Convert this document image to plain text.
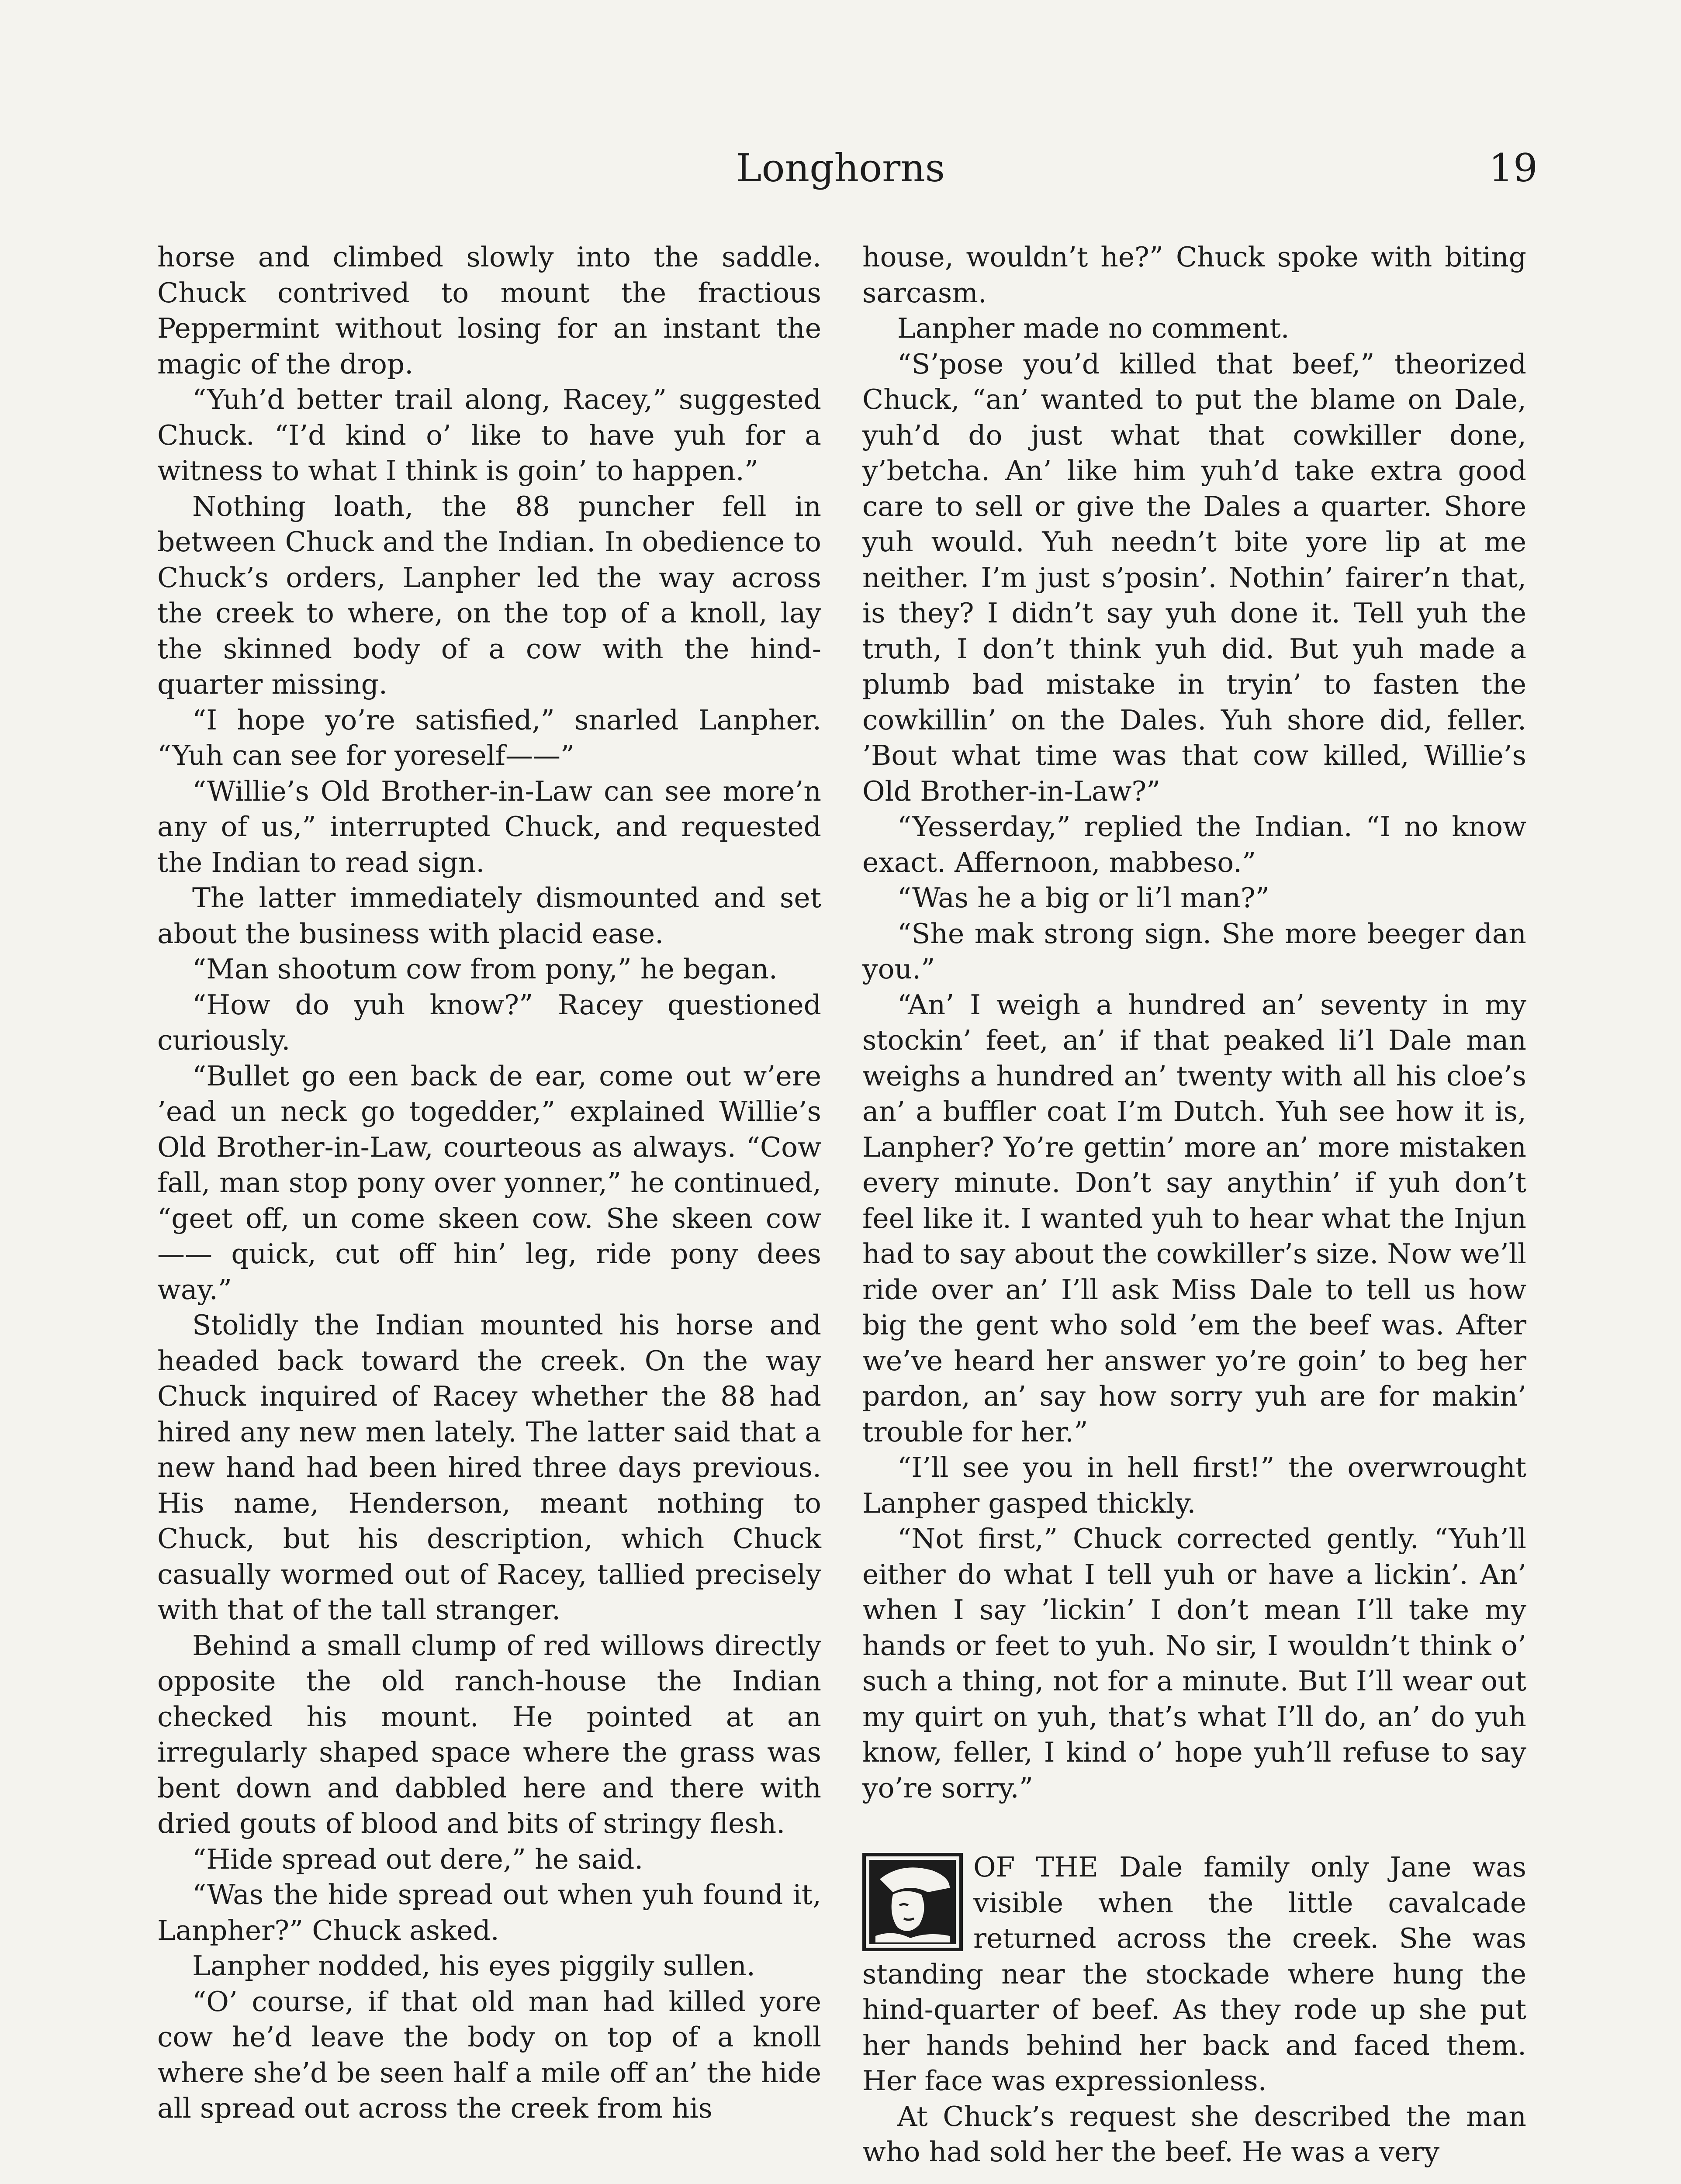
Longhorns	19

horse and climbed slowly into the saddle. Chuck contrived to mount the fractious Peppermint without losing for an instant the magic of the drop.

“Yuh’d better trail along, Racey,” suggested Chuck. “I’d kind o’ like to have yuh for a witness to what I think is goin’ to happen.”

Nothing loath, the 88 puncher fell in between Chuck and the Indian. In obedience to Chuck’s orders, Lanpher led the way across the creek to where, on the top of a knoll, lay the skinned body of a cow with the hind-quarter missing.

“I hope yo’re satisfied,” snarled Lanpher. “Yuh can see for yoreself——”

“Willie’s Old Brother-in-Law can see more’n any of us,” interrupted Chuck, and requested the Indian to read sign.

The latter immediately dismounted and set about the business with placid ease.

“Man shootum cow from pony,” he began.

“How do yuh know?” Racey questioned curiously.

“Bullet go een back de ear, come out w’ere ’ead un neck go togedder,” explained Willie’s Old Brother-in-Law, courteous as always. “Cow fall, man stop pony over yonner,” he continued, “geet off, un come skeen cow. She skeen cow —— quick, cut off hin’ leg, ride pony dees way.”

Stolidly the Indian mounted his horse and headed back toward the creek. On the way Chuck inquired of Racey whether the 88 had hired any new men lately. The latter said that a new hand had been hired three days previous. His name, Henderson, meant nothing to Chuck, but his description, which Chuck casually wormed out of Racey, tallied precisely with that of the tall stranger.

Behind a small clump of red willows directly opposite the old ranch-house the Indian checked his mount. He pointed at an irregularly shaped space where the grass was bent down and dabbled here and there with dried gouts of blood and bits of stringy flesh.

“Hide spread out dere,” he said.

“Was the hide spread out when yuh found it, Lanpher?” Chuck asked.

Lanpher nodded, his eyes piggily sullen.

“O’ course, if that old man had killed yore cow he’d leave the body on top of a knoll where she’d be seen half a mile off an’ the hide all spread out across the creek from his

house, wouldn’t he?” Chuck spoke with biting sarcasm.

Lanpher made no comment.

“S’pose you’d killed that beef,” theorized Chuck, “an’ wanted to put the blame on Dale, yuh’d do just what that cowkiller done, y’betcha. An’ like him yuh’d take extra good care to sell or give the Dales a quarter. Shore yuh would. Yuh needn’t bite yore lip at me neither. I’m just s’posin’. Nothin’ fairer’n that, is they? I didn’t say yuh done it. Tell yuh the truth, I don’t think yuh did. But yuh made a plumb bad mistake in tryin’ to fasten the cowkillin’ on the Dales. Yuh shore did, feller. ’Bout what time was that cow killed, Willie’s Old Brother-in-Law?”

“Yesserday,” replied the Indian. “I no know exact. Affernoon, mabbeso.”

“Was he a big or li’l man?”

“She mak strong sign. She more beeger dan you.”

“An’ I weigh a hundred an’ seventy in my stockin’ feet, an’ if that peaked li’l Dale man weighs a hundred an’ twenty with all his cloe’s an’ a buffler coat I’m Dutch. Yuh see how it is, Lanpher? Yo’re gettin’ more an’ more mistaken every minute. Don’t say anythin’ if yuh don’t feel like it. I wanted yuh to hear what the Injun had to say about the cowkiller’s size. Now we’ll ride over an’ I’ll ask Miss Dale to tell us how big the gent who sold ’em the beef was. After we’ve heard her answer yo’re goin’ to beg her pardon, an’ say how sorry yuh are for makin’ trouble for her.”

“I’ll see you in hell first!” the overwrought Lanpher gasped thickly.

“Not first,” Chuck corrected gently. “Yuh’ll either do what I tell yuh or have a lickin’. An’ when I say ’lickin’ I don’t mean I’ll take my hands or feet to yuh. No sir, I wouldn’t think o’ such a thing, not for a minute. But I’ll wear out my quirt on yuh, that’s what I’ll do, an’ do yuh know, feller, I kind o’ hope yuh’ll refuse to say yo’re sorry.”

OF THE Dale family only Jane was visible when the little cavalcade returned across the creek. She was standing near the stockade where hung the hind-quarter of beef. As they rode up she put her hands behind her back and faced them. Her face was expressionless.

At Chuck’s request she described the man who had sold her the beef. He was a very
